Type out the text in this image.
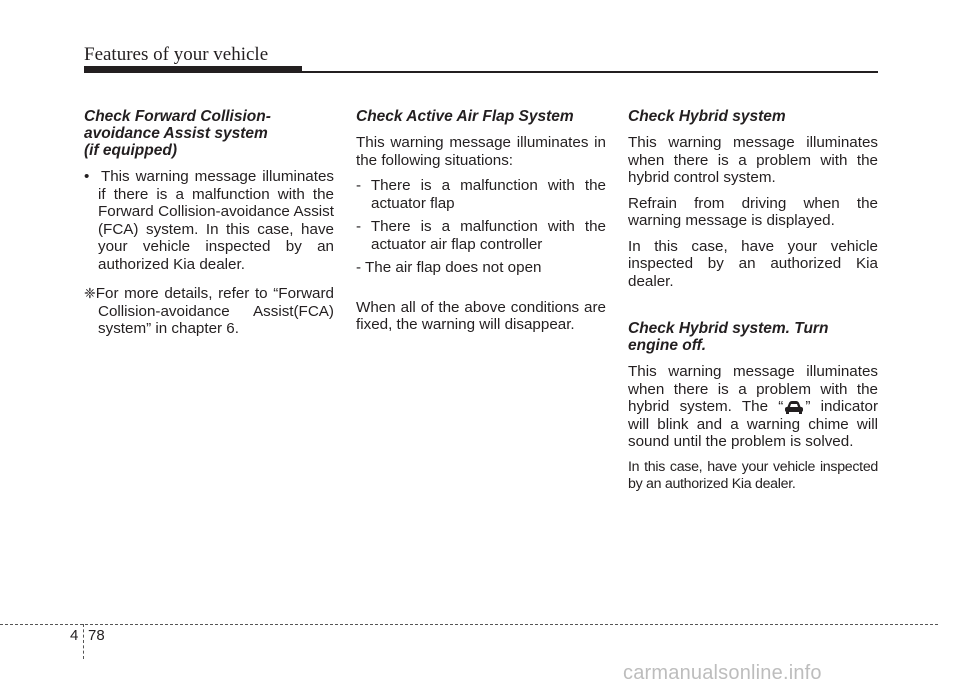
Features of your vehicle
Check Forward Collision-
avoidance Assist system
(if equipped)
• This warning message illuminates if there is a malfunction with the Forward Collision-avoidance Assist (FCA) system. In this case, have your vehicle inspected by an authorized Kia dealer.
❈For more details, refer to “Forward Collision-avoidance Assist(FCA) system” in chapter 6.
Check Active Air Flap System
This warning message illuminates in the following situations:
- There is a malfunction with the actuator flap
- There is a malfunction with the actuator air flap controller
- The air flap does not open
When all of the above conditions are fixed, the warning will disappear.
Check Hybrid system
This warning message illuminates when there is a problem with the hybrid control system.
Refrain from driving when the warning message is displayed.
In this case, have your vehicle inspected by an authorized Kia dealer.
Check Hybrid system. Turn
engine off.
This warning message illuminates when there is a problem with the hybrid system. The “ ” indicator will blink and a warning chime will sound until the problem is solved.
In this case, have your vehicle inspected by an authorized Kia dealer.
4 78
carmanualsonline.info
